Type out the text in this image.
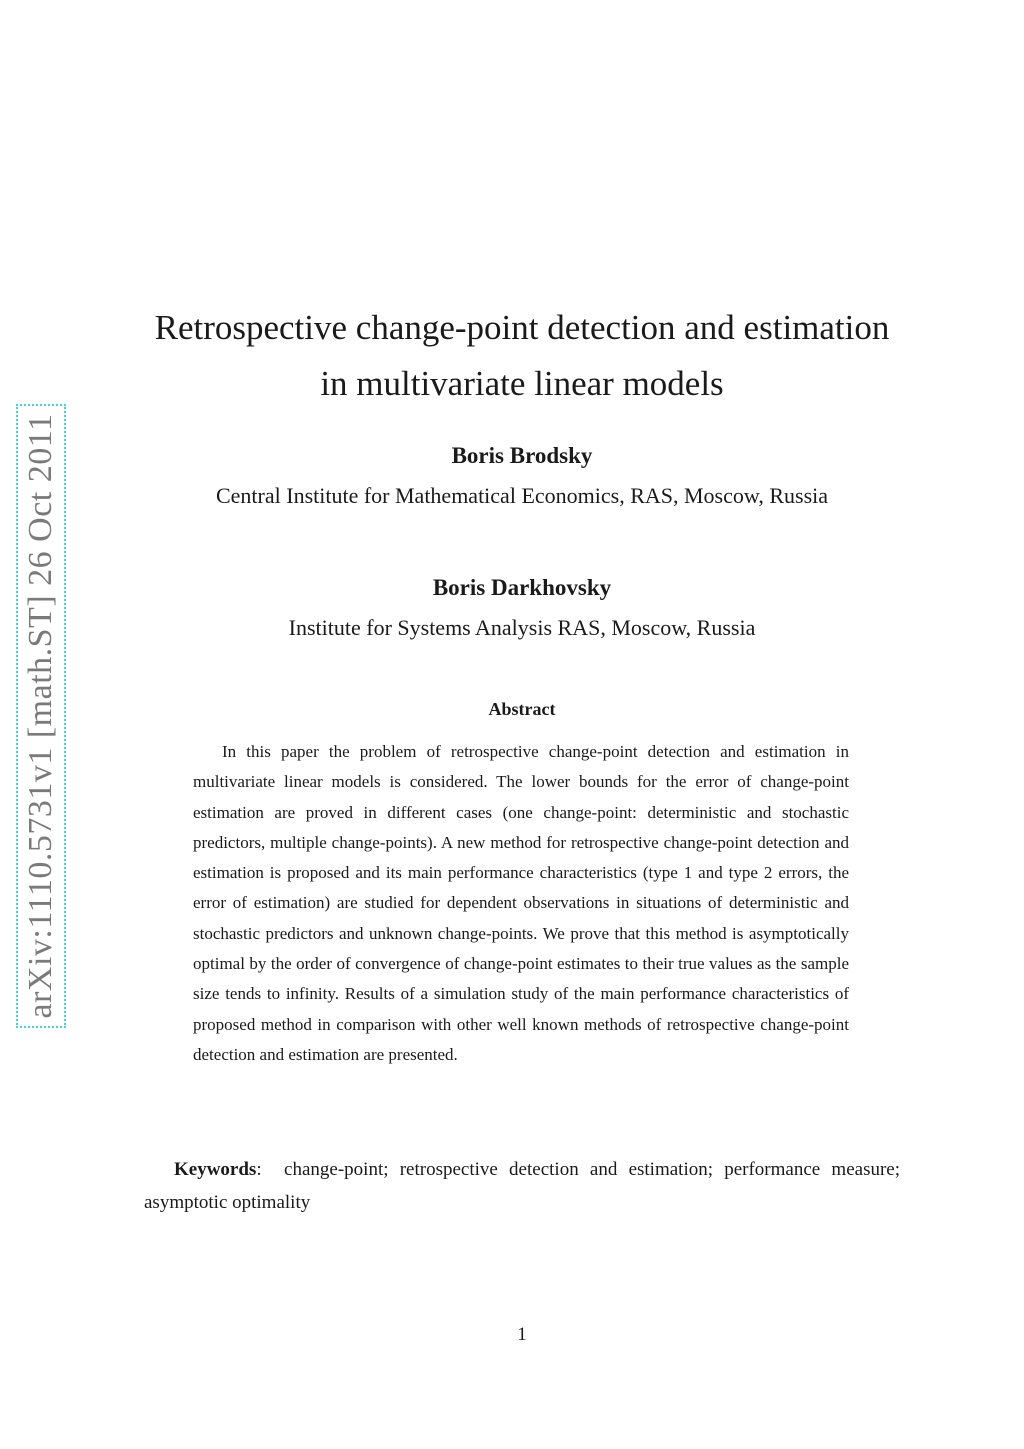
arXiv:1110.5731v1 [math.ST] 26 Oct 2011
Retrospective change-point detection and estimation
in multivariate linear models
Boris Brodsky
Central Institute for Mathematical Economics, RAS, Moscow, Russia
Boris Darkhovsky
Institute for Systems Analysis RAS, Moscow, Russia
Abstract

In this paper the problem of retrospective change-point detection and estimation in multivariate linear models is considered. The lower bounds for the error of change-point estimation are proved in different cases (one change-point: deterministic and stochastic predictors, multiple change-points). A new method for retrospective change-point detection and estimation is proposed and its main performance characteristics (type 1 and type 2 errors, the error of estimation) are studied for dependent observations in situations of deterministic and stochastic predictors and unknown change-points. We prove that this method is asymptotically optimal by the order of convergence of change-point estimates to their true values as the sample size tends to infinity. Results of a simulation study of the main performance characteristics of proposed method in comparison with other well known methods of retrospective change-point detection and estimation are presented.

Keywords:  change-point; retrospective detection and estimation; performance measure; asymptotic optimality

1
